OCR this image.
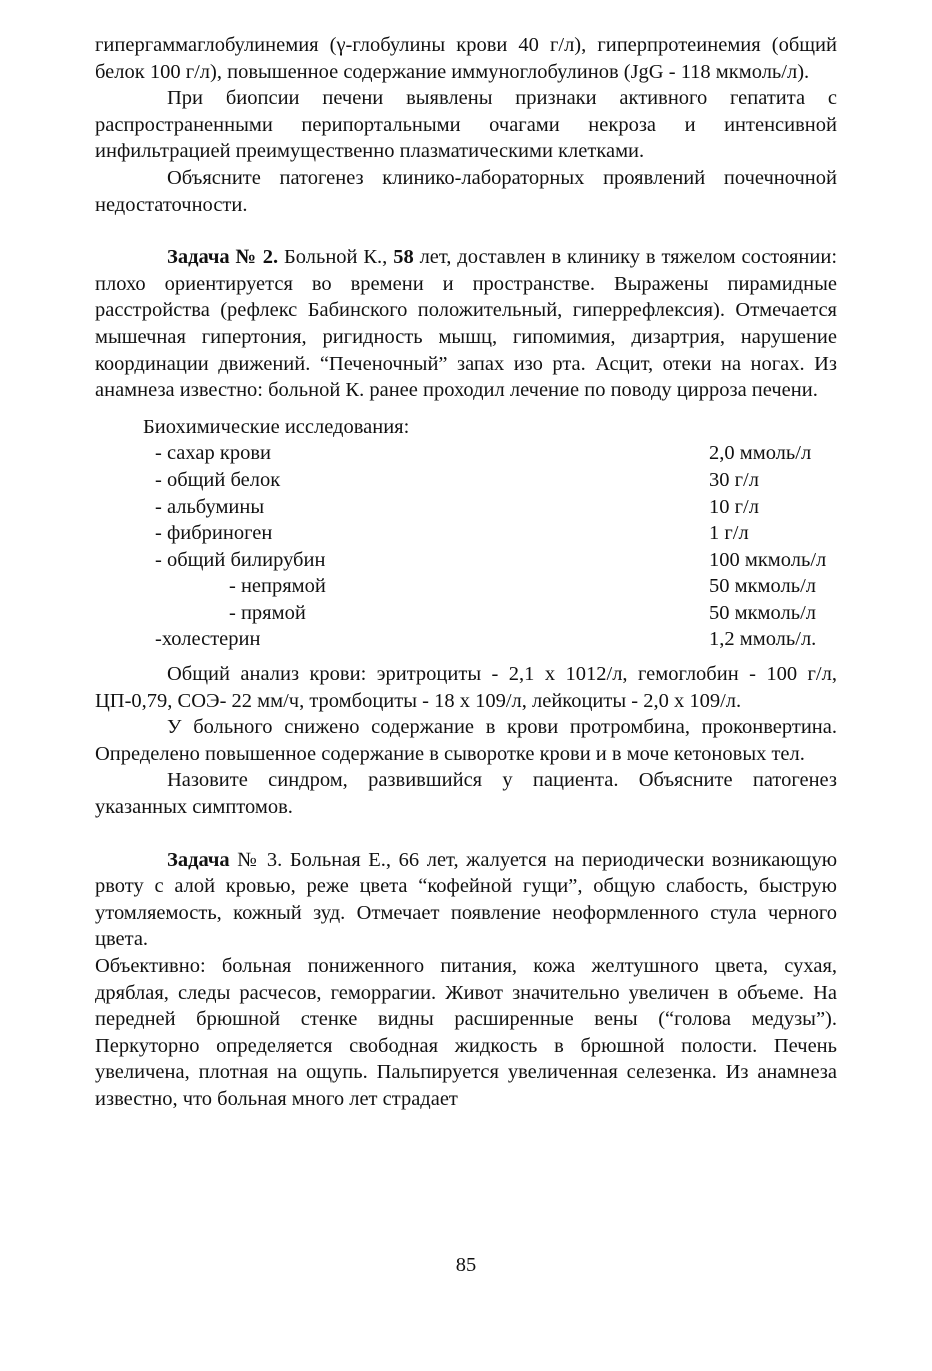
гипергаммаглобулинемия (γ-глобулины крови 40 г/л), гиперпротеинемия (общий белок 100 г/л), повышенное содержание иммуноглобулинов (JgG - 118 мкмоль/л).

При биопсии печени выявлены признаки активного гепатита с распространенными перипортальными очагами некроза и интенсивной инфильтрацией преимущественно плазматическими клетками.

Объясните патогенез клинико-лабораторных проявлений почечночной недостаточности.

Задача № 2. Больной К., 58 лет, доставлен в клинику в тяжелом состоянии: плохо ориентируется во времени и пространстве. Выражены пирамидные расстройства (рефлекс Бабинского положительный, гиперрефлексия). Отмечается мышечная гипертония, ригидность мышц, гипомимия, дизартрия, нарушение координации движений. “Печеночный” запах изо рта. Асцит, отеки на ногах. Из анамнеза известно: больной К. ранее проходил лечение по поводу цирроза печени.

Биохимические исследования:

- сахар крови	2,0 ммоль/л
- общий белок	30 г/л
- альбумины	10 г/л
- фибриноген	1 г/л
- общий билирубин	100 мкмоль/л
- непрямой	50 мкмоль/л
- прямой	50 мкмоль/л
-холестерин	1,2 ммоль/л.

Общий анализ крови: эритроциты - 2,1 х 1012/л, гемоглобин - 100 г/л, ЦП-0,79, СОЭ- 22 мм/ч, тромбоциты - 18 х 109/л, лейкоциты - 2,0 х 109/л.

У больного снижено содержание в крови протромбина, проконвертина. Определено повышенное содержание в сыворотке крови и в моче кетоновых тел.

Назовите синдром, развившийся у пациента. Объясните патогенез указанных симптомов.

Задача № 3. Больная Е., 66 лет, жалуется на периодически возникающую рвоту с алой кровью, реже цвета “кофейной гущи”, общую слабость, быструю утомляемость, кожный зуд. Отмечает появление неоформленного стула черного цвета.

Объективно: больная пониженного питания, кожа желтушного цвета, сухая, дряблая, следы расчесов, геморрагии. Живот значительно увеличен в объеме. На передней брюшной стенке видны расширенные вены (“голова медузы”). Перкуторно определяется свободная жидкость в брюшной полости. Печень увеличена, плотная на ощупь. Пальпируется увеличенная селезенка. Из анамнеза известно, что больная много лет страдает

85
